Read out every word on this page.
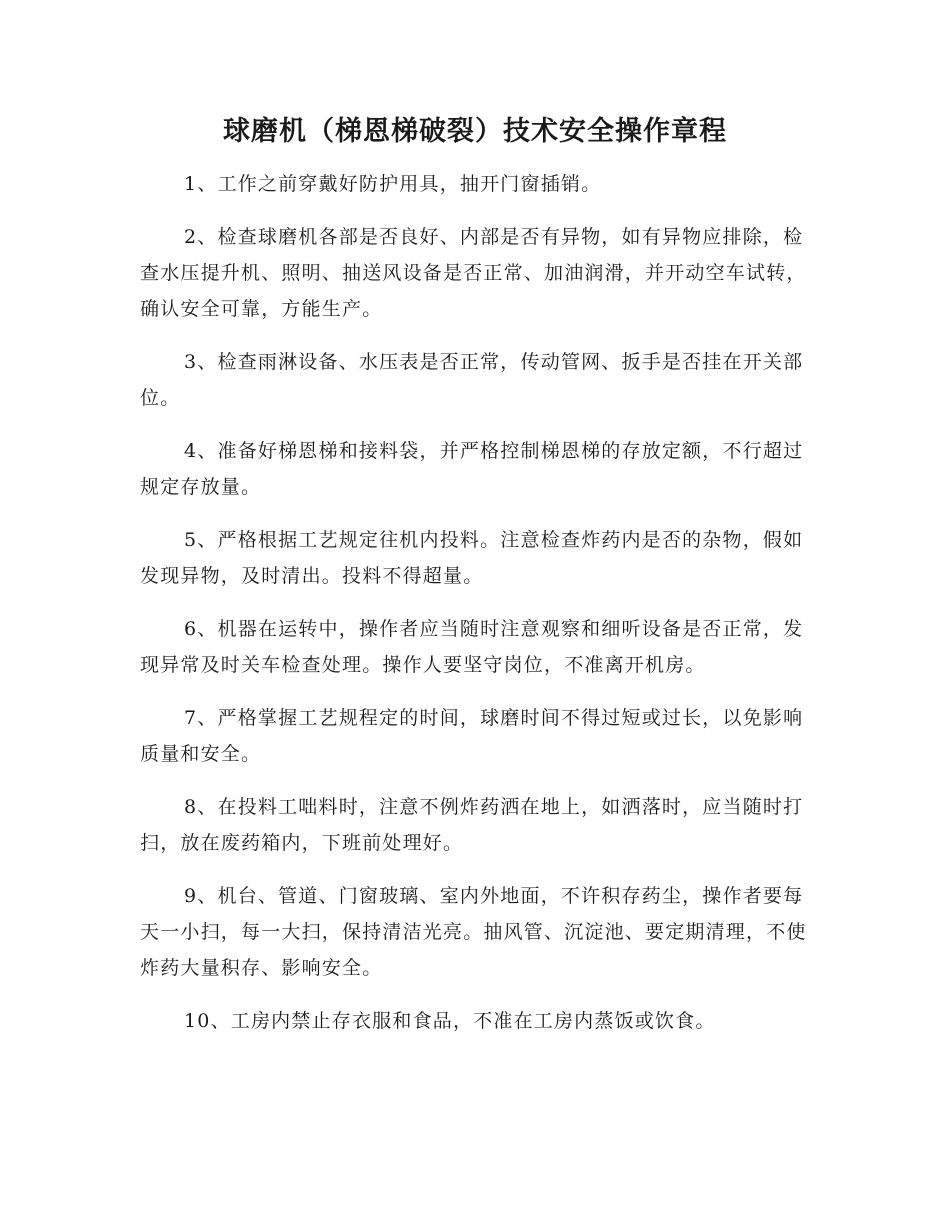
球磨机（梯恩梯破裂）技术安全操作章程

1、工作之前穿戴好防护用具，抽开门窗插销。

2、检查球磨机各部是否良好、内部是否有异物，如有异物应排除，检查水压提升机、照明、抽送风设备是否正常、加油润滑，并开动空车试转，确认安全可靠，方能生产。

3、检查雨淋设备、水压表是否正常，传动管网、扳手是否挂在开关部位。

4、准备好梯恩梯和接料袋，并严格控制梯恩梯的存放定额，不行超过规定存放量。

5、严格根据工艺规定往机内投料。注意检查炸药内是否的杂物，假如发现异物，及时清出。投料不得超量。

6、机器在运转中，操作者应当随时注意观察和细听设备是否正常，发现异常及时关车检查处理。操作人要坚守岗位，不准离开机房。

7、严格掌握工艺规程定的时间，球磨时间不得过短或过长，以免影响质量和安全。

8、在投料工咄料时，注意不例炸药洒在地上，如洒落时，应当随时打扫，放在废药箱内，下班前处理好。

9、机台、管道、门窗玻璃、室内外地面，不许积存药尘，操作者要每天一小扫，每一大扫，保持清洁光亮。抽风管、沉淀池、要定期清理，不使炸药大量积存、影响安全。

10、工房内禁止存衣服和食品，不准在工房内蒸饭或饮食。
